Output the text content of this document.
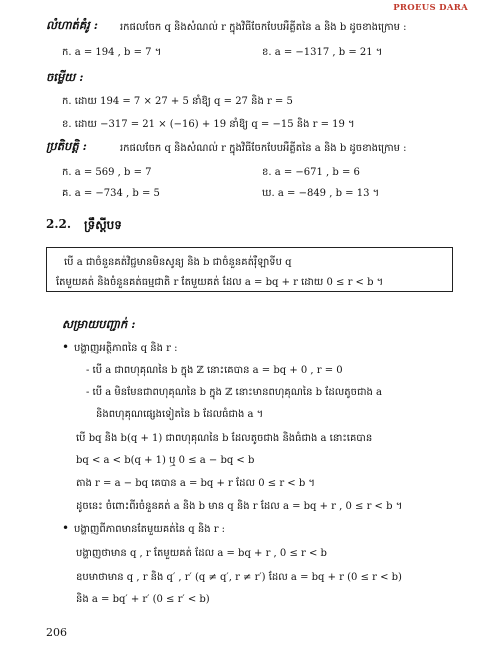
PROEUS DARA
លំហាត់គំរូ : រកផលចែក q និងសំណល់ r ក្នុងវិធីចែកបែបអឺគ្លីតនៃ a និង b ដូចខាងក្រោម :
ក. a = 194 , b = 7 ។	ខ. a = −1317 , b = 21 ។
ចម្លើយ :
ក. ដោយ 194 = 7 × 27 + 5 នាំឱ្យ q = 27 និង r = 5
ខ. ដោយ −317 = 21 × (−16) + 19 នាំឱ្យ q = −15 និង r = 19 ។
ប្រតិបត្តិ :	រកផលចែក q និងសំណល់ r ក្នុងវិធីចែកបែបអឺគ្លីតនៃ a និង b ដូចខាងក្រោម :
ក. a = 569 , b = 7	ខ. a = −671 , b = 6
គ. a = −734 , b = 5	ឃ. a = −849 , b = 13 ។
2.2. ទ្រឹស្តីបទ
បើ a ជាចំនួនគត់វិជ្ជមានមិនសូន្យ និង b ជាចំនួនគត់រ៉ឺឡាទីប q
តែមួយគត់ និងចំនួនគត់ធម្មជាតិ r តែមួយគត់ ដែល a = bq + r ដោយ 0 ≤ r < b ។
សម្រាយបញ្ជាក់ :
• បង្ហាញអត្ថិភាពនៃ q និង r :
- បើ a ជាពហុគុណនៃ b ក្នុង ℤ នោះគេបាន a = bq + 0 , r = 0
- បើ a មិនមែនជាពហុគុណនៃ b ក្នុង ℤ នោះមានពហុគុណនៃ b ដែលតូចជាង a
និងពហុគុណផ្សេងទៀតនៃ b ដែលធំជាង a ។
បើ bq និង b(q + 1) ជាពហុគុណនៃ b ដែលតូចជាង និងធំជាង a នោះគេបាន
bq < a < b(q + 1) ឬ 0 ≤ a − bq < b
តាង r = a − bq គេបាន a = bq + r ដែល 0 ≤ r < b ។
ដូចនេះ ចំពោះពីរចំនួនគត់ a និង b មាន q និង r ដែល a = bq + r , 0 ≤ r < b ។
• បង្ហាញពីភាពមានតែមួយគត់នៃ q និង r :
បង្ហាញថាមាន q , r តែមួយគត់ ដែល a = bq + r , 0 ≤ r < b
ឧបមាថាមាន q , r និង q′ , r′ (q ≠ q′, r ≠ r′) ដែល a = bq + r (0 ≤ r < b)
និង a = bq′ + r′ (0 ≤ r′ < b)
206
